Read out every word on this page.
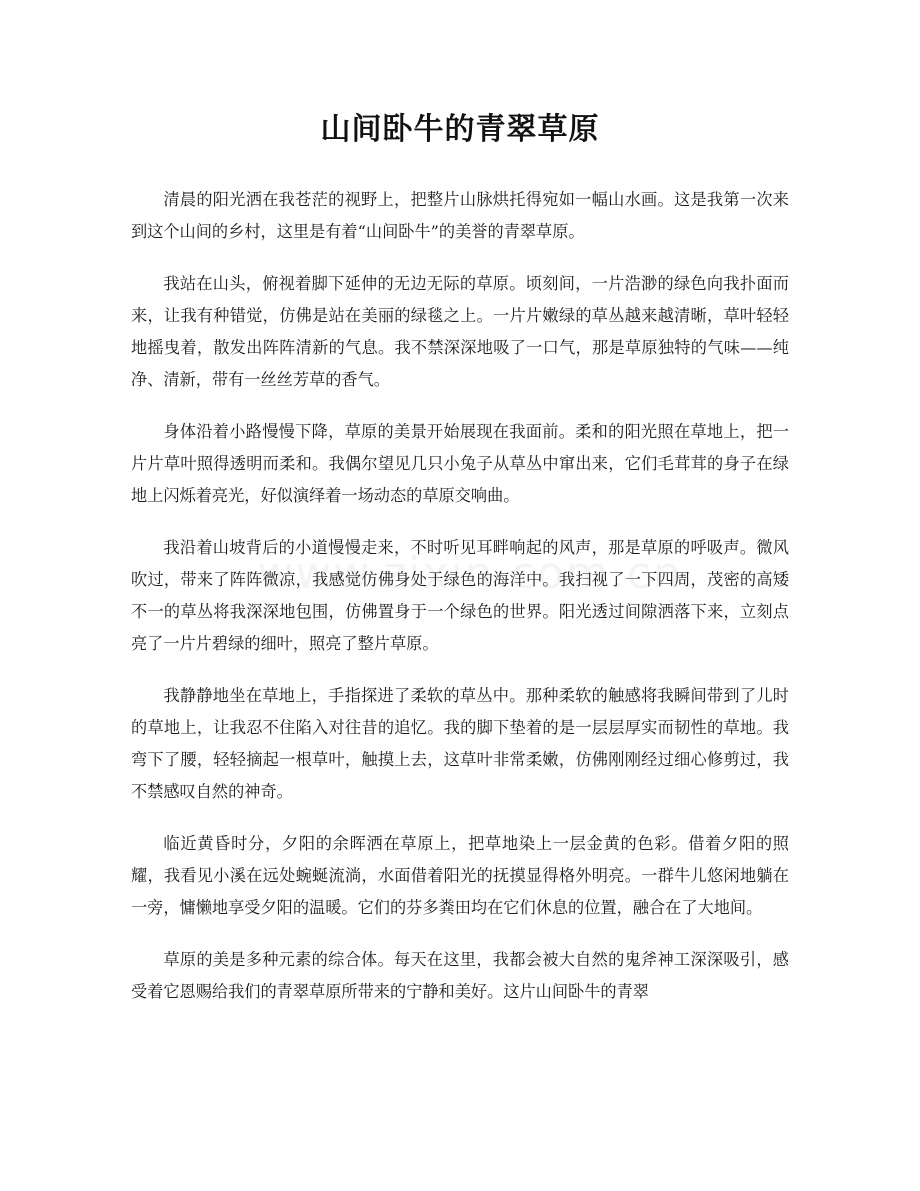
山间卧牛的青翠草原

清晨的阳光洒在我苍茫的视野上，把整片山脉烘托得宛如一幅山水画。这是我第一次来到这个山间的乡村，这里是有着“山间卧牛”的美誉的青翠草原。

我站在山头，俯视着脚下延伸的无边无际的草原。顷刻间，一片浩渺的绿色向我扑面而来，让我有种错觉，仿佛是站在美丽的绿毯之上。一片片嫩绿的草丛越来越清晰，草叶轻轻地摇曳着，散发出阵阵清新的气息。我不禁深深地吸了一口气，那是草原独特的气味——纯净、清新，带有一丝丝芳草的香气。

身体沿着小路慢慢下降，草原的美景开始展现在我面前。柔和的阳光照在草地上，把一片片草叶照得透明而柔和。我偶尔望见几只小兔子从草丛中窜出来，它们毛茸茸的身子在绿地上闪烁着亮光，好似演绎着一场动态的草原交响曲。

我沿着山坡背后的小道慢慢走来，不时听见耳畔响起的风声，那是草原的呼吸声。微风吹过，带来了阵阵微凉，我感觉仿佛身处于绿色的海洋中。我扫视了一下四周，茂密的高矮不一的草丛将我深深地包围，仿佛置身于一个绿色的世界。阳光透过间隙洒落下来，立刻点亮了一片片碧绿的细叶，照亮了整片草原。

我静静地坐在草地上，手指探进了柔软的草丛中。那种柔软的触感将我瞬间带到了儿时的草地上，让我忍不住陷入对往昔的追忆。我的脚下垫着的是一层层厚实而韧性的草地。我弯下了腰，轻轻摘起一根草叶，触摸上去，这草叶非常柔嫩，仿佛刚刚经过细心修剪过，我不禁感叹自然的神奇。

临近黄昏时分，夕阳的余晖洒在草原上，把草地染上一层金黄的色彩。借着夕阳的照耀，我看见小溪在远处蜿蜒流淌，水面借着阳光的抚摸显得格外明亮。一群牛儿悠闲地躺在一旁，慵懒地享受夕阳的温暖。它们的芬多粪田均在它们休息的位置，融合在了大地间。

草原的美是多种元素的综合体。每天在这里，我都会被大自然的鬼斧神工深深吸引，感受着它恩赐给我们的青翠草原所带来的宁静和美好。这片山间卧牛的青翠
